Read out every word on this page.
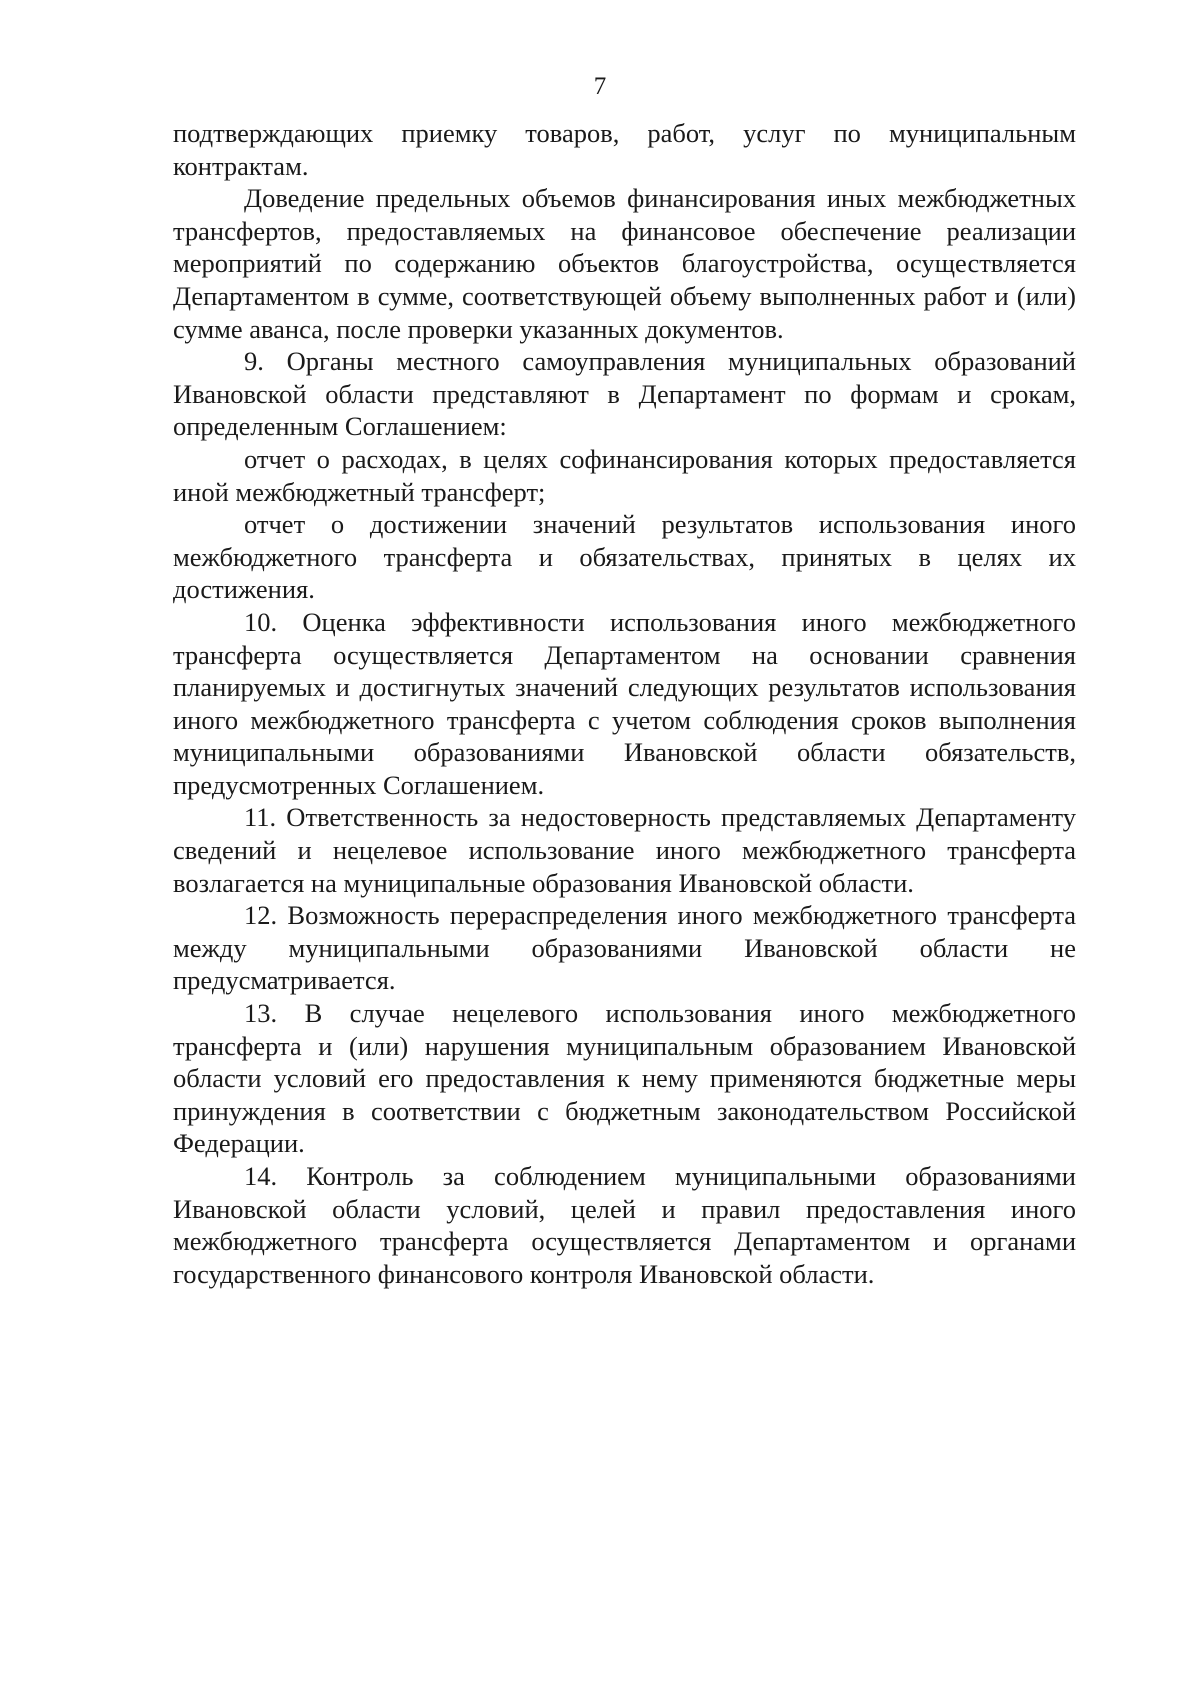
7

подтверждающих приемку товаров, работ, услуг по муниципальным контрактам.

Доведение предельных объемов финансирования иных межбюджетных трансфертов, предоставляемых на финансовое обеспечение реализации мероприятий по содержанию объектов благоустройства, осуществляется Департаментом в сумме, соответствующей объему выполненных работ и (или) сумме аванса, после проверки указанных документов.

9. Органы местного самоуправления муниципальных образований Ивановской области представляют в Департамент по формам и срокам, определенным Соглашением:

отчет о расходах, в целях софинансирования которых предоставляется иной межбюджетный трансферт;

отчет о достижении значений результатов использования иного межбюджетного трансферта и обязательствах, принятых в целях их достижения.

10. Оценка эффективности использования иного межбюджетного трансферта осуществляется Департаментом на основании сравнения планируемых и достигнутых значений следующих результатов использования иного межбюджетного трансферта с учетом соблюдения сроков выполнения муниципальными образованиями Ивановской области обязательств, предусмотренных Соглашением.

11. Ответственность за недостоверность представляемых Департаменту сведений и нецелевое использование иного межбюджетного трансферта возлагается на муниципальные образования Ивановской области.

12. Возможность перераспределения иного межбюджетного трансферта между муниципальными образованиями Ивановской области не предусматривается.

13. В случае нецелевого использования иного межбюджетного трансферта и (или) нарушения муниципальным образованием Ивановской области условий его предоставления к нему применяются бюджетные меры принуждения в соответствии с бюджетным законодательством Российской Федерации.

14. Контроль за соблюдением муниципальными образованиями Ивановской области условий, целей и правил предоставления иного межбюджетного трансферта осуществляется Департаментом и органами государственного финансового контроля Ивановской области.
